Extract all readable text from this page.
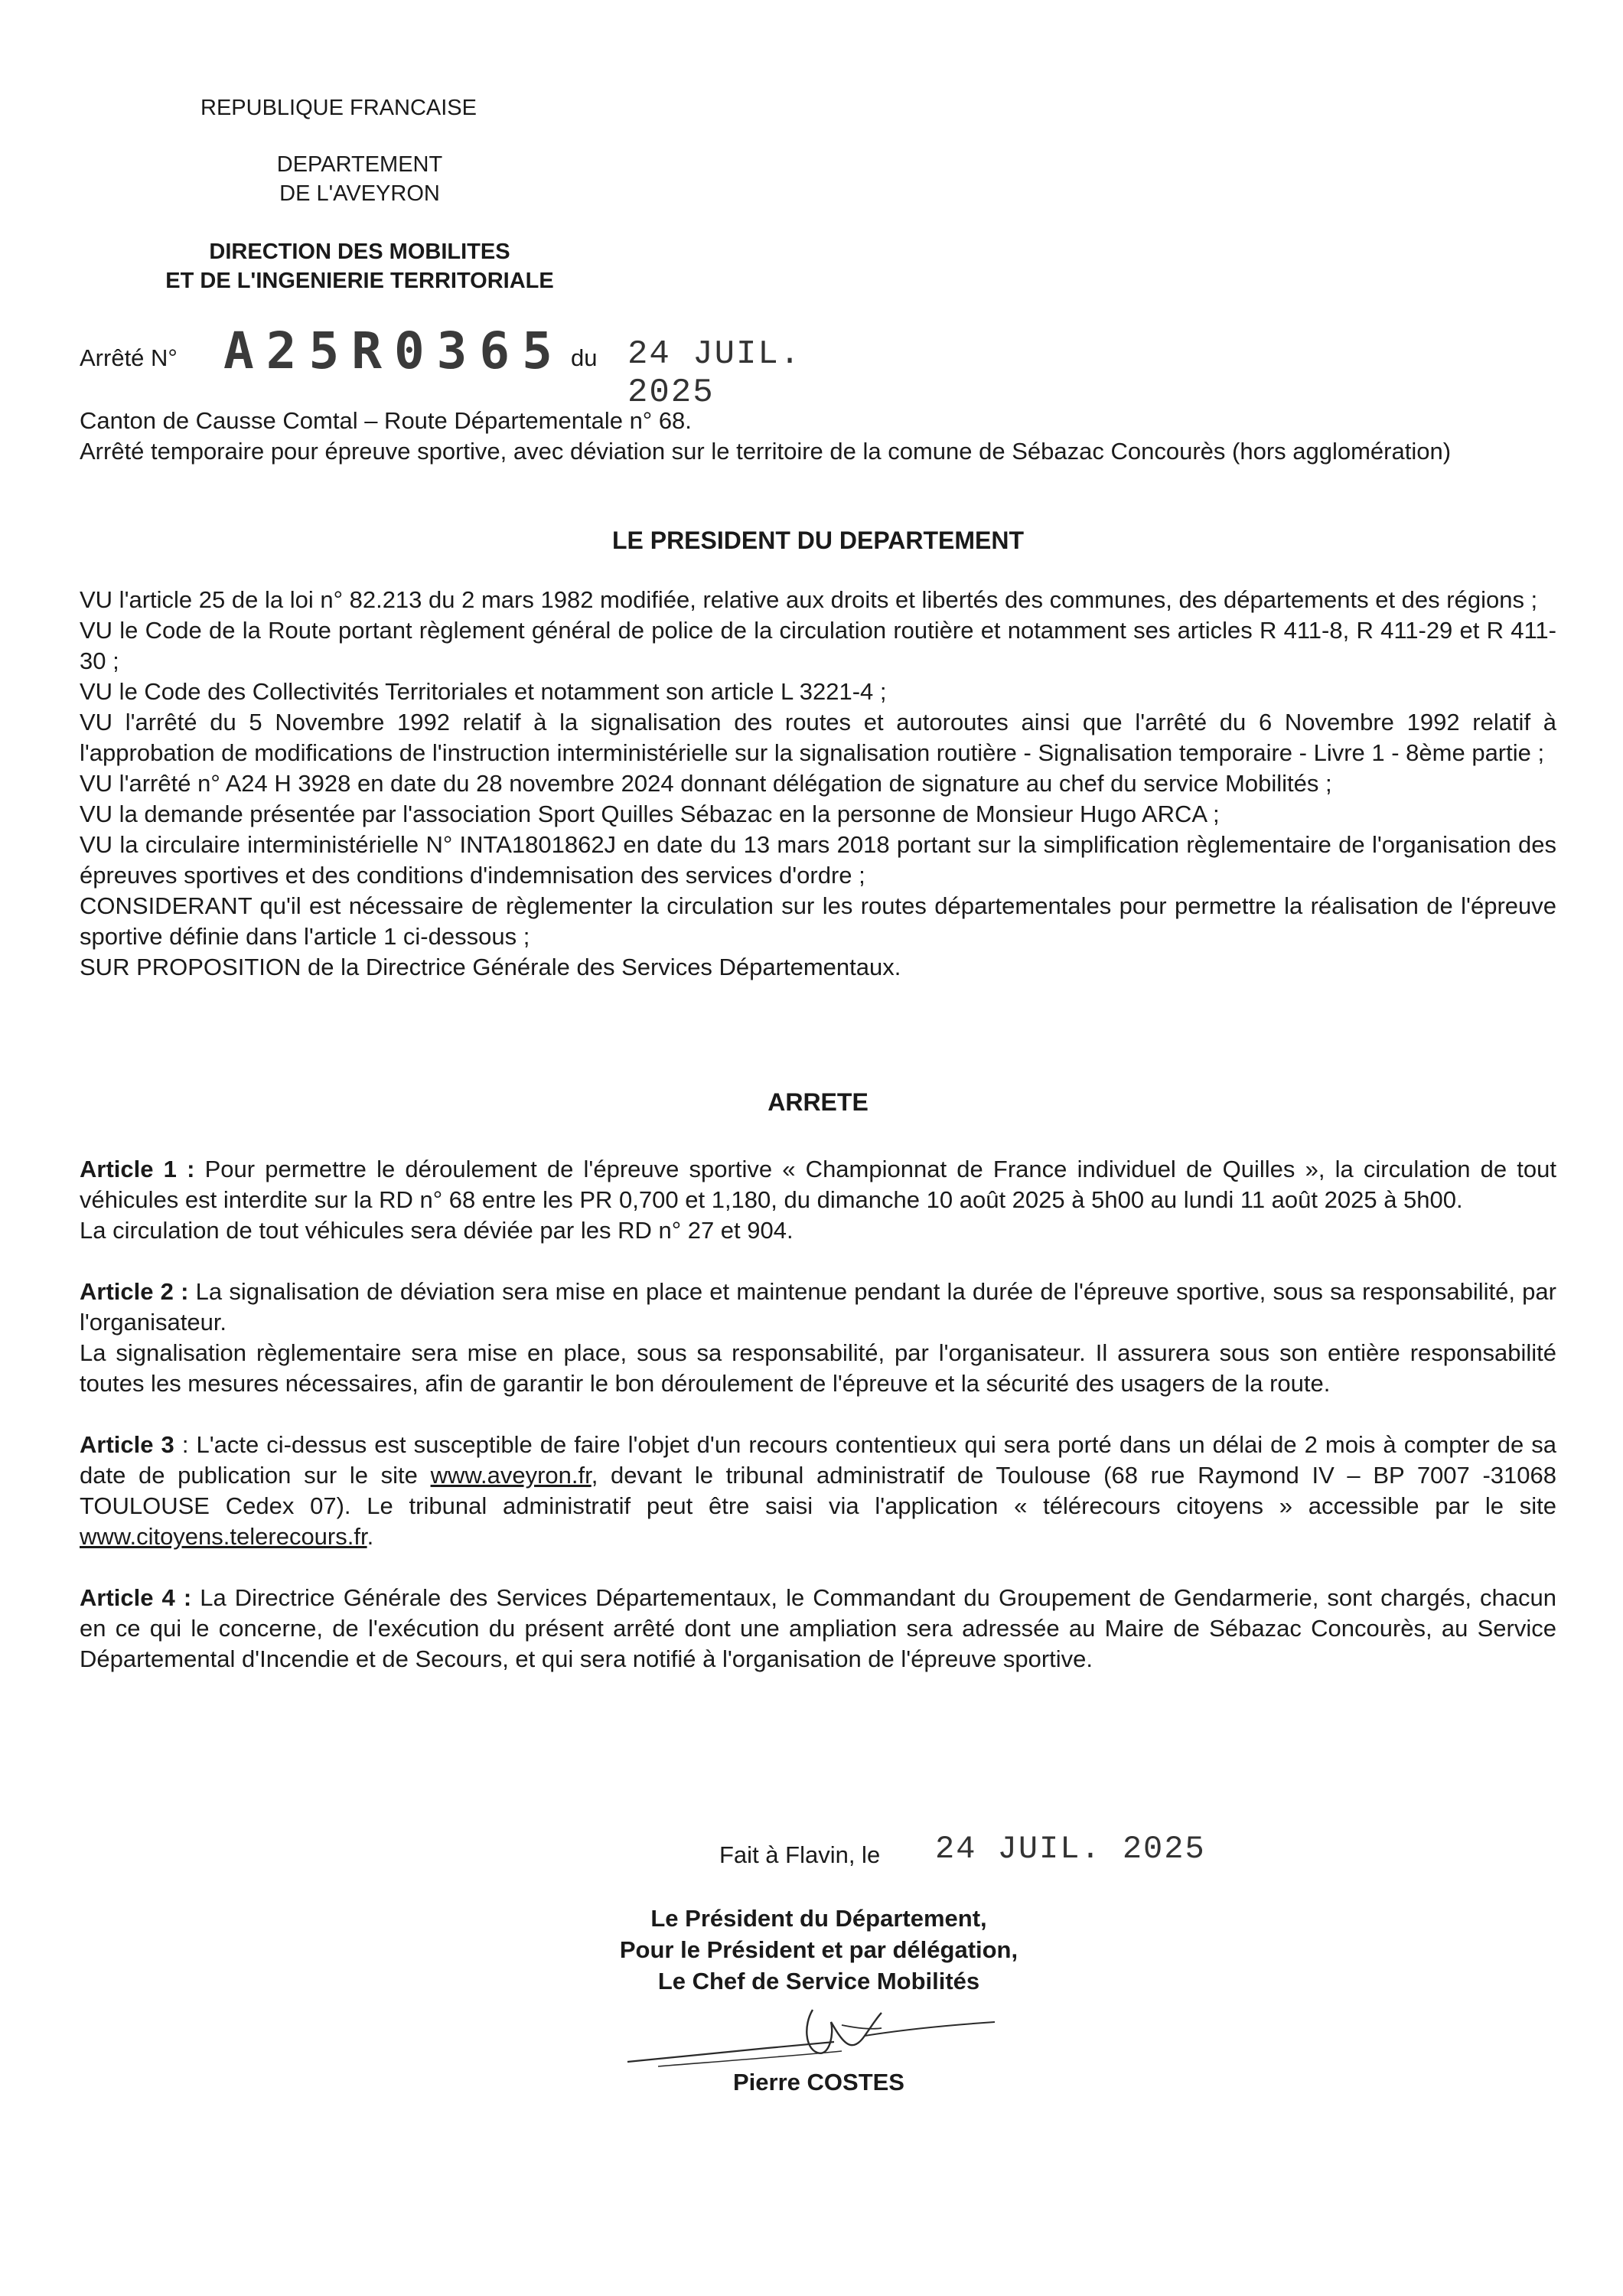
REPUBLIQUE FRANCAISE
DEPARTEMENT
DE L'AVEYRON
DIRECTION DES MOBILITES
ET DE L'INGENIERIE TERRITORIALE
Arrêté N° A25R0365 du 24 JUIL. 2025

Canton de Causse Comtal – Route Départementale n° 68.

Arrêté temporaire pour épreuve sportive, avec déviation sur le territoire de la comune de Sébazac Concourès (hors agglomération)

LE PRESIDENT DU DEPARTEMENT

VU l'article 25 de la loi n° 82.213 du 2 mars 1982 modifiée, relative aux droits et libertés des communes, des départements et des régions ;

VU le Code de la Route portant règlement général de police de la circulation routière et notamment ses articles R 411-8, R 411-29 et R 411-30 ;

VU le Code des Collectivités Territoriales et notamment son article L 3221-4 ;

VU l'arrêté du 5 Novembre 1992 relatif à la signalisation des routes et autoroutes ainsi que l'arrêté du 6 Novembre 1992 relatif à l'approbation de modifications de l'instruction interministérielle sur la signalisation routière - Signalisation temporaire - Livre 1 - 8ème partie ;

VU l'arrêté n° A24 H 3928 en date du 28 novembre 2024 donnant délégation de signature au chef du service Mobilités ;

VU la demande présentée par l'association Sport Quilles Sébazac en la personne de Monsieur Hugo ARCA ;

VU la circulaire interministérielle N° INTA1801862J en date du 13 mars 2018 portant sur la simplification règlementaire de l'organisation des épreuves sportives et des conditions d'indemnisation des services d'ordre ;

CONSIDERANT qu'il est nécessaire de règlementer la circulation sur les routes départementales pour permettre la réalisation de l'épreuve sportive définie dans l'article 1 ci-dessous ;

SUR PROPOSITION de la Directrice Générale des Services Départementaux.

ARRETE

Article 1 : Pour permettre le déroulement de l'épreuve sportive « Championnat de France individuel de Quilles », la circulation de tout véhicules est interdite sur la RD n° 68 entre les PR 0,700 et 1,180, du dimanche 10 août 2025 à 5h00 au lundi 11 août 2025 à 5h00.

La circulation de tout véhicules sera déviée par les RD n° 27 et 904.

Article 2 : La signalisation de déviation sera mise en place et maintenue pendant la durée de l'épreuve sportive, sous sa responsabilité, par l'organisateur.

La signalisation règlementaire sera mise en place, sous sa responsabilité, par l'organisateur. Il assurera sous son entière responsabilité toutes les mesures nécessaires, afin de garantir le bon déroulement de l'épreuve et la sécurité des usagers de la route.

Article 3 : L'acte ci-dessus est susceptible de faire l'objet d'un recours contentieux qui sera porté dans un délai de 2 mois à compter de sa date de publication sur le site www.aveyron.fr, devant le tribunal administratif de Toulouse (68 rue Raymond IV – BP 7007 -31068 TOULOUSE Cedex 07). Le tribunal administratif peut être saisi via l'application « télérecours citoyens » accessible par le site www.citoyens.telerecours.fr.

Article 4 : La Directrice Générale des Services Départementaux, le Commandant du Groupement de Gendarmerie, sont chargés, chacun en ce qui le concerne, de l'exécution du présent arrêté dont une ampliation sera adressée au Maire de Sébazac Concourès, au Service Départemental d'Incendie et de Secours, et qui sera notifié à l'organisation de l'épreuve sportive.

Fait à Flavin, le 24 JUIL. 2025
Le Président du Département,
Pour le Président et par délégation,
Le Chef de Service Mobilités
Pierre COSTES
